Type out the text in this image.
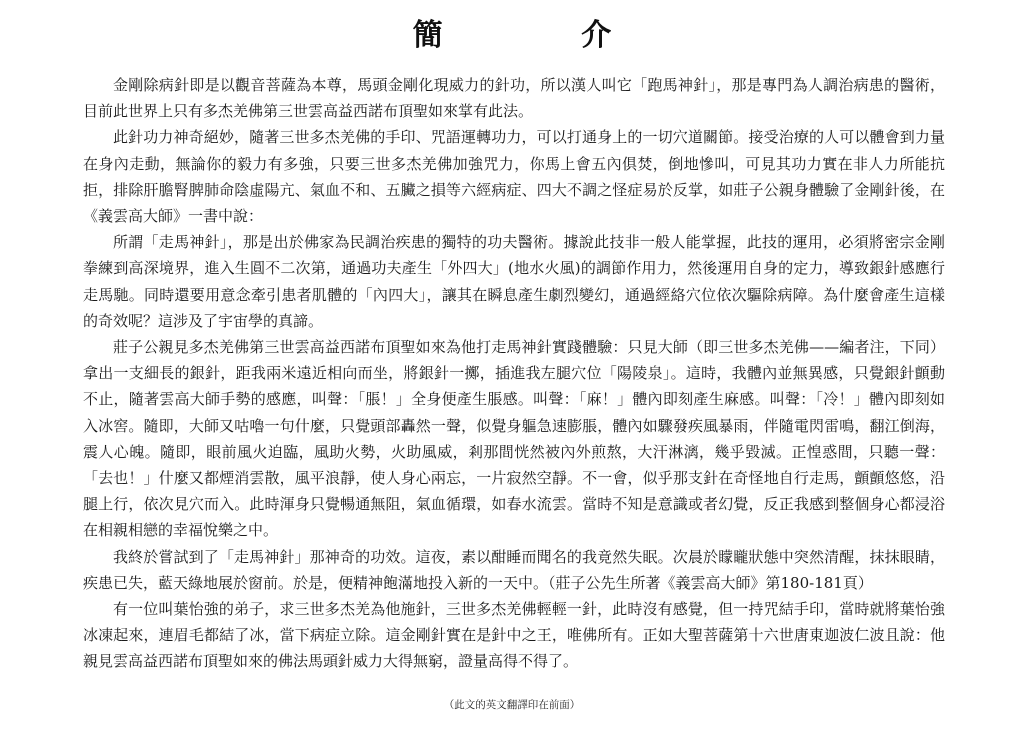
簡 介

金剛除病針即是以觀音菩薩為本尊，馬頭金剛化現威力的針功，所以漢人叫它「跑馬神針」，那是專門為人調治病患的醫術，目前此世界上只有多杰羌佛第三世雲高益西諾布頂聖如來掌有此法。

此針功力神奇絕妙，隨著三世多杰羌佛的手印、咒語運轉功力，可以打通身上的一切穴道關節。接受治療的人可以體會到力量在身內走動，無論你的毅力有多強，只要三世多杰羌佛加強咒力，你馬上會五內俱焚，倒地慘叫，可見其功力實在非人力所能抗拒，排除肝膽腎脾肺命陰虛陽亢、氣血不和、五臟之損等六經病症、四大不調之怪症易於反掌，如莊子公親身體驗了金剛針後，在《義雲高大師》一書中說：

所謂「走馬神針」，那是出於佛家為民調治疾患的獨特的功夫醫術。據說此技非一般人能掌握，此技的運用，必須將密宗金剛拳練到高深境界，進入生圓不二次第，通過功夫產生「外四大」(地水火風)的調節作用力，然後運用自身的定力，導致銀針感應行走馬馳。同時還要用意念牽引患者肌體的「內四大」，讓其在瞬息產生劇烈變幻，通過經絡穴位依次驅除病障。為什麼會產生這樣的奇效呢？這涉及了宇宙學的真諦。

莊子公親見多杰羌佛第三世雲高益西諾布頂聖如來為他打走馬神針實踐體驗：只見大師（即三世多杰羌佛——編者注，下同）拿出一支細長的銀針，距我兩米遠近相向而坐，將銀針一擲，插進我左腿穴位「陽陵泉」。這時，我體內並無異感，只覺銀針顫動不止，隨著雲高大師手勢的感應，叫聲：「脹！」全身便產生脹感。叫聲：「麻！」體內即刻產生麻感。叫聲：「冷！」體內即刻如入冰窖。隨即，大師又咕嚕一句什麼，只覺頭部轟然一聲，似覺身軀急速膨脹，體內如驟發疾風暴雨，伴隨電閃雷鳴，翻江倒海，震人心魄。隨即，眼前風火迫臨，風助火勢，火助風威，剎那間恍然被內外煎熬，大汗淋漓，幾乎毀滅。正惶惑間，只聽一聲：「去也！」什麼又都煙消雲散，風平浪靜，使人身心兩忘，一片寂然空靜。不一會，似乎那支針在奇怪地自行走馬，顫顫悠悠，沿腿上行，依次見穴而入。此時渾身只覺暢通無阻，氣血循環，如春水流雲。當時不知是意識或者幻覺，反正我感到整個身心都浸浴在相親相戀的幸福悅樂之中。

我終於嘗試到了「走馬神針」那神奇的功效。這夜，素以酣睡而聞名的我竟然失眠。次晨於矇矓狀態中突然清醒，抹抹眼睛，疾患已失，藍天綠地展於窗前。於是，便精神飽滿地投入新的一天中。（莊子公先生所著《義雲高大師》第180-181頁）

有一位叫葉怡強的弟子，求三世多杰羌為他施針，三世多杰羌佛輕輕一針，此時沒有感覺，但一持咒結手印，當時就將葉怡強冰凍起來，連眉毛都結了冰，當下病症立除。這金剛針實在是針中之王，唯佛所有。正如大聖菩薩第十六世唐東迦波仁波且說：他親見雲高益西諾布頂聖如來的佛法馬頭針威力大得無窮，證量高得不得了。

（此文的英文翻譯印在前面）
